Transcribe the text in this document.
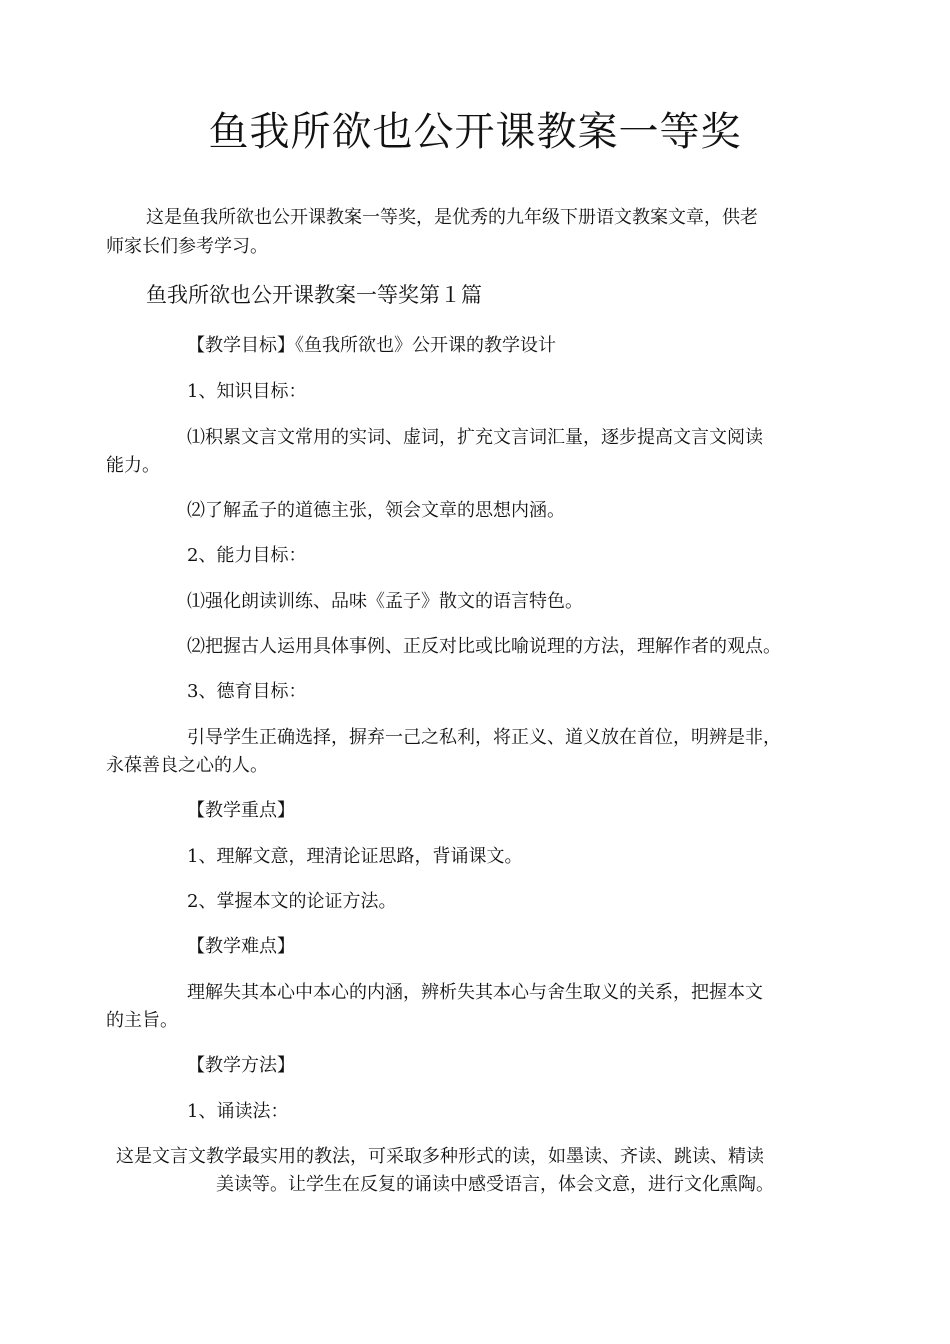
鱼我所欲也公开课教案一等奖

这是鱼我所欲也公开课教案一等奖，是优秀的九年级下册语文教案文章，供老

师家长们参考学习。

鱼我所欲也公开课教案一等奖第１篇

【教学目标】《鱼我所欲也》公开课的教学设计

1、知识目标：

⑴积累文言文常用的实词、虚词，扩充文言词汇量，逐步提高文言文阅读

能力。

⑵了解孟子的道德主张，领会文章的思想内涵。

2、能力目标：

⑴强化朗读训练、品味《孟子》散文的语言特色。

⑵把握古人运用具体事例、正反对比或比喻说理的方法，理解作者的观点。

3、德育目标：

引导学生正确选择，摒弃一己之私利，将正义、道义放在首位，明辨是非，

永葆善良之心的人。

【教学重点】

1、理解文意，理清论证思路，背诵课文。

2、掌握本文的论证方法。

【教学难点】

理解失其本心中本心的内涵，辨析失其本心与舍生取义的关系，把握本文

的主旨。

【教学方法】

1、诵读法：

这是文言文教学最实用的教法，可采取多种形式的读，如墨读、齐读、跳读、精读

美读等。让学生在反复的诵读中感受语言，体会文意，进行文化熏陶。
